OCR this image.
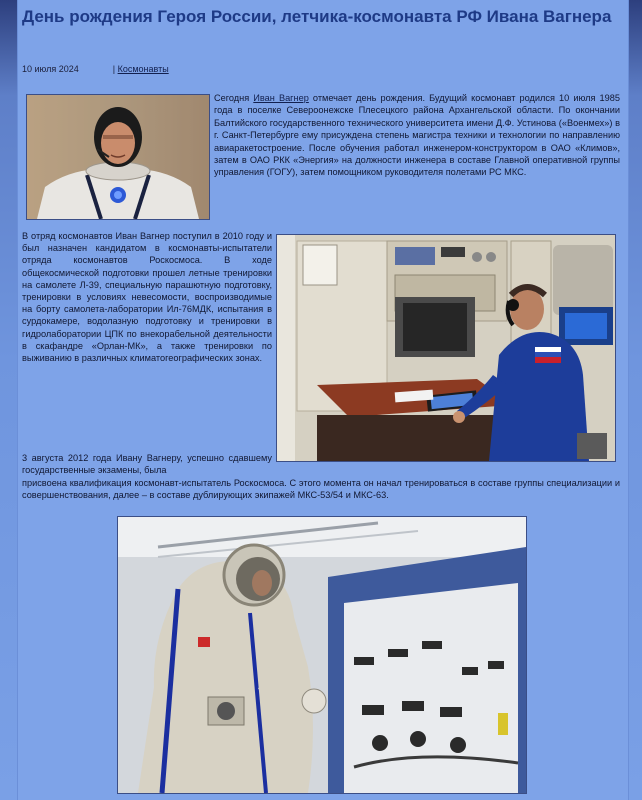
День рождения Героя России, летчика-космонавта РФ Ивана Вагнера
10 июля 2024	| Космонавты
Сегодня Иван Вагнер отмечает день рождения. Будущий космонавт родился 10 июля 1985 года в поселке Североонежске Плесецкого района Архангельской области. По окончании Балтийского государственного технического университета имени Д.Ф. Устинова («Военмех») в г. Санкт-Петербурге ему присуждена степень магистра техники и технологии по направлению авиаракетостроение. После обучения работал инженером-конструктором в ОАО «Климов», затем в ОАО РКК «Энергия» на должности инженера в составе Главной оперативной группы управления (ГОГУ), затем помощником руководителя полетами РС МКС.
В отряд космонавтов Иван Вагнер поступил в 2010 году и был назначен кандидатом в космонавты-испытатели отряда космонавтов Роскосмоса. В ходе общекосмической подготовки прошел летные тренировки на самолете Л-39, специальную парашютную подготовку, тренировки в условиях невесомости, воспроизводимые на борту самолета-лаборатории Ил-76МДК, испытания в сурдокамере, водолазную подготовку и тренировки в гидролаборатории ЦПК по внекорабельной деятельности в скафандре «Орлан-МК», а также тренировки по выживанию в различных климатогеографических зонах.
3 августа 2012 года Ивану Вагнеру, успешно сдавшему государственные экзамены, была
присвоена квалификация космонавт-испытатель Роскосмоса. С этого момента он начал тренироваться в составе группы специализации и совершенствования, далее – в составе дублирующих экипажей МКС-53/54 и МКС-63.
